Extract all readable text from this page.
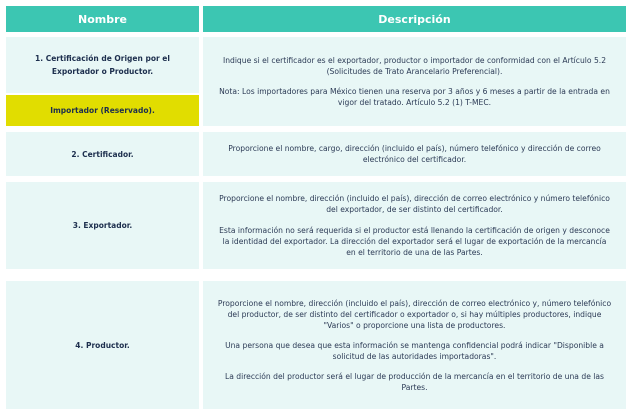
Nombre	Descripción
1. Certificación de Origen por el Exportador o Productor.
Importador (Reservado).

Indique si el certificador es el exportador, productor o importador de conformidad con el Artículo 5.2 (Solicitudes de Trato Arancelario Preferencial).

Nota: Los importadores para México tienen una reserva por 3 años y 6 meses a partir de la entrada en vigor del tratado. Artículo 5.2 (1) T-MEC.

2. Certificador.

Proporcione el nombre, cargo, dirección (incluido el país), número telefónico y dirección de correo electrónico del certificador.

3. Exportador.

Proporcione el nombre, dirección (incluido el país), dirección de correo electrónico y número telefónico del exportador, de ser distinto del certificador.

Esta información no será requerida si el productor está llenando la certificación de origen y desconoce la identidad del exportador. La dirección del exportador será el lugar de exportación de la mercancía en el territorio de una de las Partes.

4. Productor.

Proporcione el nombre, dirección (incluido el país), dirección de correo electrónico y, número telefónico del productor, de ser distinto del certificador o exportador o, si hay múltiples productores, indique "Varios" o proporcione una lista de productores.

Una persona que desea que esta información se mantenga confidencial podrá indicar "Disponible a solicitud de las autoridades importadoras".

La dirección del productor será el lugar de producción de la mercancía en el territorio de una de las Partes.
